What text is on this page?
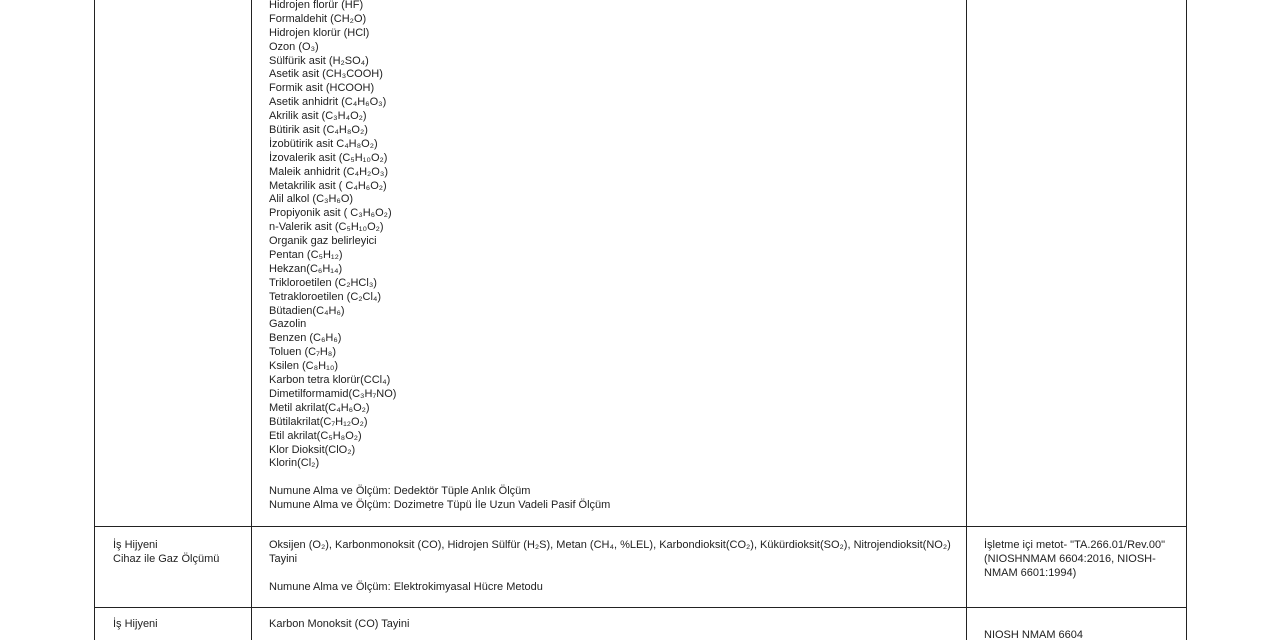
Hidrojen florür (HF)
Formaldehit (CH₂O)
Hidrojen klorür (HCl)
Ozon (O₃)
Sülfürik asit (H₂SO₄)
Asetik asit (CH₃COOH)
Formik asit (HCOOH)
Asetik anhidrit (C₄H₆O₃)
Akrilik asit (C₃H₄O₂)
Bütirik asit (C₄H₈O₂)
İzobütirik asit C₄H₈O₂)
İzovalerik asit (C₅H₁₀O₂)
Maleik anhidrit (C₄H₂O₃)
Metakrilik asit ( C₄H₆O₂)
Alil alkol (C₃H₆O)
Propiyonik asit ( C₃H₆O₂)
n-Valerik asit (C₅H₁₀O₂)
Organik gaz belirleyici
Pentan (C₅H₁₂)
Hekzan(C₆H₁₄)
Trikloroetilen (C₂HCl₃)
Tetrakloroetilen (C₂Cl₄)
Bütadien(C₄H₆)
Gazolin
Benzen (C₆H₆)
Toluen (C₇H₈)
Ksilen (C₈H₁₀)
Karbon tetra klorür(CCl₄)
Dimetilformamid(C₃H₇NO)
Metil akrilat(C₄H₆O₂)
Bütilakrilat(C₇H₁₂O₂)
Etil akrilat(C₅H₈O₂)
Klor Dioksit(ClO₂)
Klorin(Cl₂)
Numune Alma ve Ölçüm: Dedektör Tüple Anlık Ölçüm
Numune Alma ve Ölçüm: Dozimetre Tüpü İle Uzun Vadeli Pasif Ölçüm
İş Hijyeni
Cihaz ile Gaz Ölçümü
Oksijen (O₂), Karbonmonoksit (CO), Hidrojen Sülfür (H₂S), Metan (CH₄, %LEL), Karbondioksit(CO₂), Kükürdioksit(SO₂), Nitrojendioksit(NO₂) Tayini
Numune Alma ve Ölçüm: Elektrokimyasal Hücre Metodu
İşletme içi metot- "TA.266.01/Rev.00"(NIOSHNMAM 6604:2016, NIOSH-NMAM 6601:1994)
İş Hijyeni	Karbon Monoksit (CO) Tayini
NIOSH NMAM 6604
